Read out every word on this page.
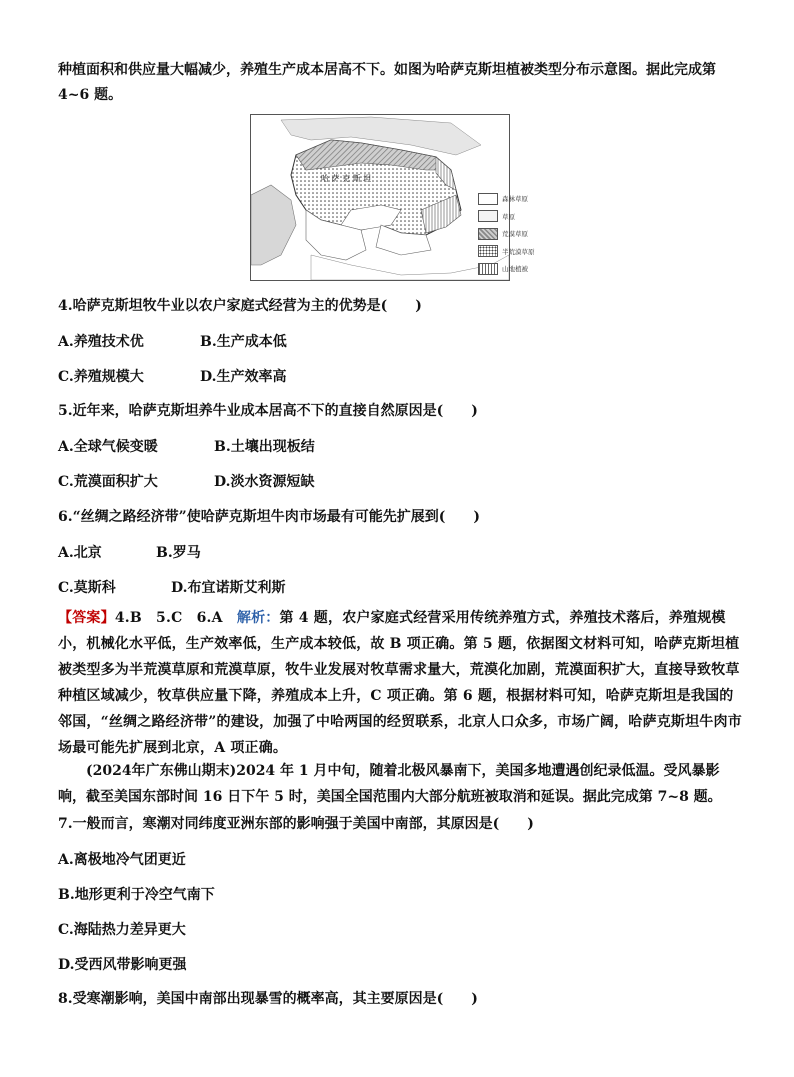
种植面积和供应量大幅减少，养殖生产成本居高不下。如图为哈萨克斯坦植被类型分布示意图。据此完成第 4~6 题。

哈 萨 克 斯 坦
森林草原
草原
荒漠草原
半荒漠草原
山地植被

4.哈萨克斯坦牧牛业以农户家庭式经营为主的优势是(　　)

A.养殖技术优	B.生产成本低
C.养殖规模大	D.生产效率高

5.近年来，哈萨克斯坦养牛业成本居高不下的直接自然原因是(　　)

A.全球气候变暖	B.土壤出现板结
C.荒漠面积扩大	D.淡水资源短缺

6.“丝绸之路经济带”使哈萨克斯坦牛肉市场最有可能先扩展到(　　)

A.北京	B.罗马
C.莫斯科	D.布宜诺斯艾利斯

【答案】4.B　5.C　6.A　解析：第 4 题，农户家庭式经营采用传统养殖方式，养殖技术落后，养殖规模小，机械化水平低，生产效率低，生产成本较低，故 B 项正确。第 5 题，依据图文材料可知，哈萨克斯坦植被类型多为半荒漠草原和荒漠草原，牧牛业发展对牧草需求量大，荒漠化加剧，荒漠面积扩大，直接导致牧草种植区域减少，牧草供应量下降，养殖成本上升，C 项正确。第 6 题，根据材料可知，哈萨克斯坦是我国的邻国，“丝绸之路经济带”的建设，加强了中哈两国的经贸联系，北京人口众多，市场广阔，哈萨克斯坦牛肉市场最可能先扩展到北京，A 项正确。

(2024年广东佛山期末)2024 年 1 月中旬，随着北极风暴南下，美国多地遭遇创纪录低温。受风暴影响，截至美国东部时间 16 日下午 5 时，美国全国范围内大部分航班被取消和延误。据此完成第 7~8 题。

7.一般而言，寒潮对同纬度亚洲东部的影响强于美国中南部，其原因是(　　)

A.离极地冷气团更近
B.地形更利于冷空气南下
C.海陆热力差异更大
D.受西风带影响更强

8.受寒潮影响，美国中南部出现暴雪的概率高，其主要原因是(　　)
